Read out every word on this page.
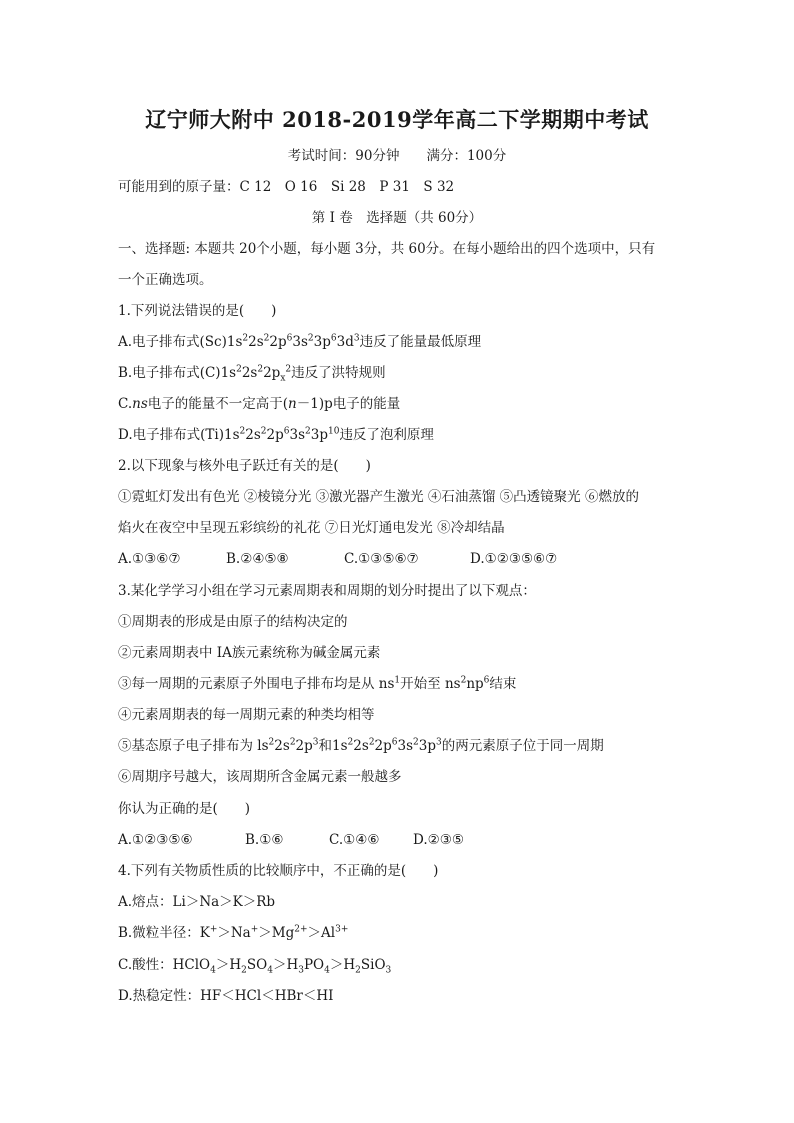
辽宁师大附中 2018-2019学年高二下学期期中考试
考试时间：90分钟　　满分：100分
可能用到的原子量：C 12　O 16　Si 28　P 31　S 32
第 Ⅰ 卷　选择题（共 60分）
一、选择题: 本题共 20个小题，每小题 3分，共 60分。在每小题给出的四个选项中，只有
一个正确选项。
1.下列说法错误的是(　　)
A.电子排布式$(Sc)1s^22s^22p^63s^23p^63d^3$违反了能量最低原理
B.电子排布式$(C)1s^22s^22p_x^2$违反了洪特规则
C.ns电子的能量不一定高于(n－1)p电子的能量
D.电子排布式$(Ti)1s^22s^22p^63s^23p^{10}$违反了泡利原理
2.以下现象与核外电子跃迁有关的是(　　)
①霓虹灯发出有色光 ②棱镜分光 ③激光器产生激光 ④石油蒸馏 ⑤凸透镜聚光 ⑥燃放的
焰火在夜空中呈现五彩缤纷的礼花 ⑦日光灯通电发光 ⑧冷却结晶
A.①③⑥⑦	B.②④⑤⑧	C.①③⑤⑥⑦	D.①②③⑤⑥⑦
3.某化学学习小组在学习元素周期表和周期的划分时提出了以下观点：
①周期表的形成是由原子的结构决定的
②元素周期表中 IA族元素统称为碱金属元素
③每一周期的元素原子外围电子排布均是从 $ns^1$开始至 $ns^2np^6$结束
④元素周期表的每一周期元素的种类均相等
⑤基态原子电子排布为 $ls^22s^22p^3$和$1s^22s^22p^63s^23p^3$的两元素原子位于同一周期
⑥周期序号越大，该周期所含金属元素一般越多
你认为正确的是(　　)
A.①②③⑤⑥	B.①⑥	C.①④⑥ D.②③⑤
4.下列有关物质性质的比较顺序中，不正确的是(　　)
A.熔点：Li＞Na＞K＞Rb
B.微粒半径：$K^+>Na^+>Mg^{2+}>Al^{3+}$
C.酸性：$HClO_4>H_2SO_4>H_3PO_4>H_2SiO_3$
D.热稳定性：HF＜HCl＜HBr＜HI
